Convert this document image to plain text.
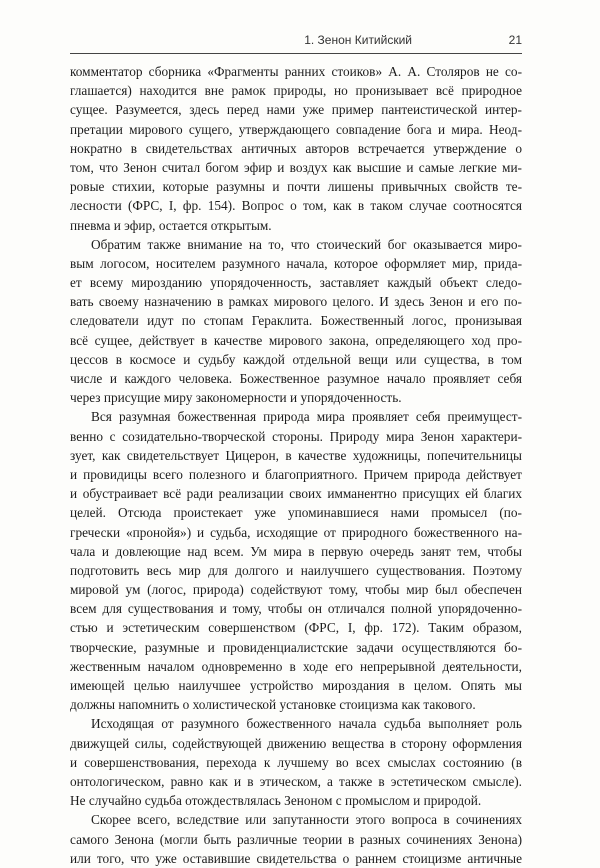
1. Зенон Китийский	21
комментатор сборника «Фрагменты ранних стоиков» А. А. Столяров не со-
глашается) находится вне рамок природы, но пронизывает всё природное
сущее. Разумеется, здесь перед нами уже пример пантеистической интер-
претации мирового сущего, утверждающего совпадение бога и мира. Неод-
нократно в свидетельствах античных авторов встречается утверждение о
том, что Зенон считал богом эфир и воздух как высшие и самые легкие ми-
ровые стихии, которые разумны и почти лишены привычных свойств те-
лесности (ФРС, I, фр. 154). Вопрос о том, как в таком случае соотносятся
пневма и эфир, остается открытым.
Обратим также внимание на то, что стоический бог оказывается миро-
вым логосом, носителем разумного начала, которое оформляет мир, прида-
ет всему мирозданию упорядоченность, заставляет каждый объект следо-
вать своему назначению в рамках мирового целого. И здесь Зенон и его по-
следователи идут по стопам Гераклита. Божественный логос, пронизывая
всё сущее, действует в качестве мирового закона, определяющего ход про-
цессов в космосе и судьбу каждой отдельной вещи или существа, в том
числе и каждого человека. Божественное разумное начало проявляет себя
через присущие миру закономерности и упорядоченность.
Вся разумная божественная природа мира проявляет себя преимущест-
венно с созидательно-творческой стороны. Природу мира Зенон характери-
зует, как свидетельствует Цицерон, в качестве художницы, попечительницы
и провидицы всего полезного и благоприятного. Причем природа действует
и обустраивает всё ради реализации своих имманентно присущих ей благих
целей. Отсюда проистекает уже упоминавшиеся нами промысел (по-
гречески «пронойя») и судьба, исходящие от природного божественного на-
чала и довлеющие над всем. Ум мира в первую очередь занят тем, чтобы
подготовить весь мир для долгого и наилучшего существования. Поэтому
мировой ум (логос, природа) содействуют тому, чтобы мир был обеспечен
всем для существования и тому, чтобы он отличался полной упорядоченно-
стью и эстетическим совершенством (ФРС, I, фр. 172). Таким образом,
творческие, разумные и провиденциалистские задачи осуществляются бо-
жественным началом одновременно в ходе его непрерывной деятельности,
имеющей целью наилучшее устройство мироздания в целом. Опять мы
должны напомнить о холистической установке стоицизма как такового.
Исходящая от разумного божественного начала судьба выполняет роль
движущей силы, содействующей движению вещества в сторону оформления
и совершенствования, перехода к лучшему во всех смыслах состоянию (в
онтологическом, равно как и в этическом, а также в эстетическом смысле).
Не случайно судьба отождествлялась Зеноном с промыслом и природой.
Скорее всего, вследствие или запутанности этого вопроса в сочинениях
самого Зенона (могли быть различные теории в разных сочинениях Зенона)
или того, что уже оставившие свидетельства о раннем стоицизме античные
